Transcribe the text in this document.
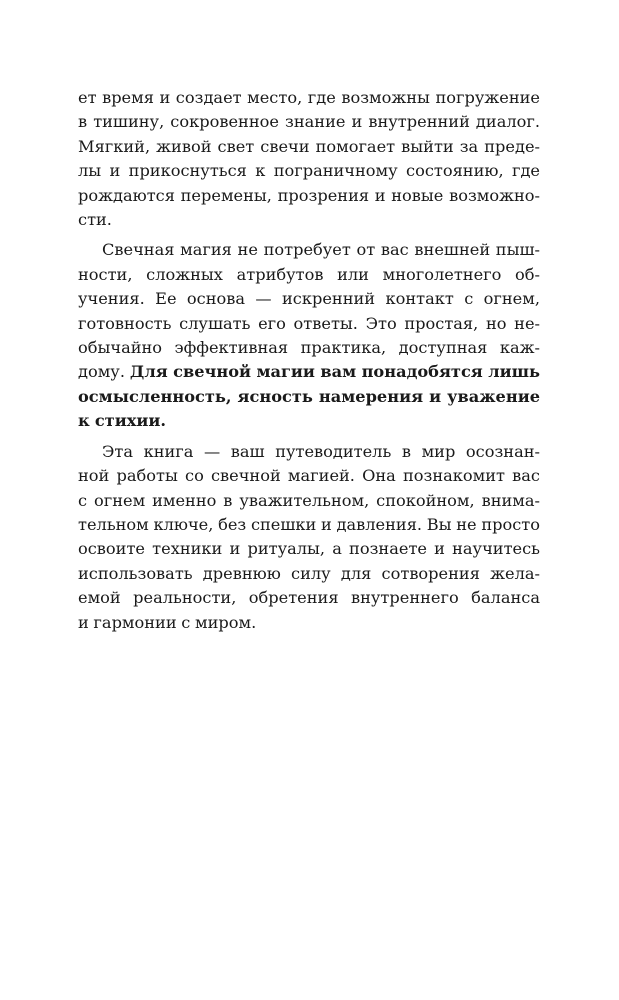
ет время и создает место, где возможны погружение
в тишину, сокровенное знание и внутренний диалог.
Мягкий, живой свет свечи помогает выйти за преде-
лы и прикоснуться к пограничному состоянию, где
рождаются перемены, прозрения и новые возможно-
сти.
Свечная магия не потребует от вас внешней пыш-
ности, сложных атрибутов или многолетнего об-
учения. Ее основа — искренний контакт с огнем,
готовность слушать его ответы. Это простая, но не-
обычайно эффективная практика, доступная каж-
дому. Для свечной магии вам понадобятся лишь
осмысленность, ясность намерения и уважение
к стихии.
Эта книга — ваш путеводитель в мир осознан-
ной работы со свечной магией. Она познакомит вас
с огнем именно в уважительном, спокойном, внима-
тельном ключе, без спешки и давления. Вы не просто
освоите техники и ритуалы, а познаете и научитесь
использовать древнюю силу для сотворения жела-
емой реальности, обретения внутреннего баланса
и гармонии с миром.
